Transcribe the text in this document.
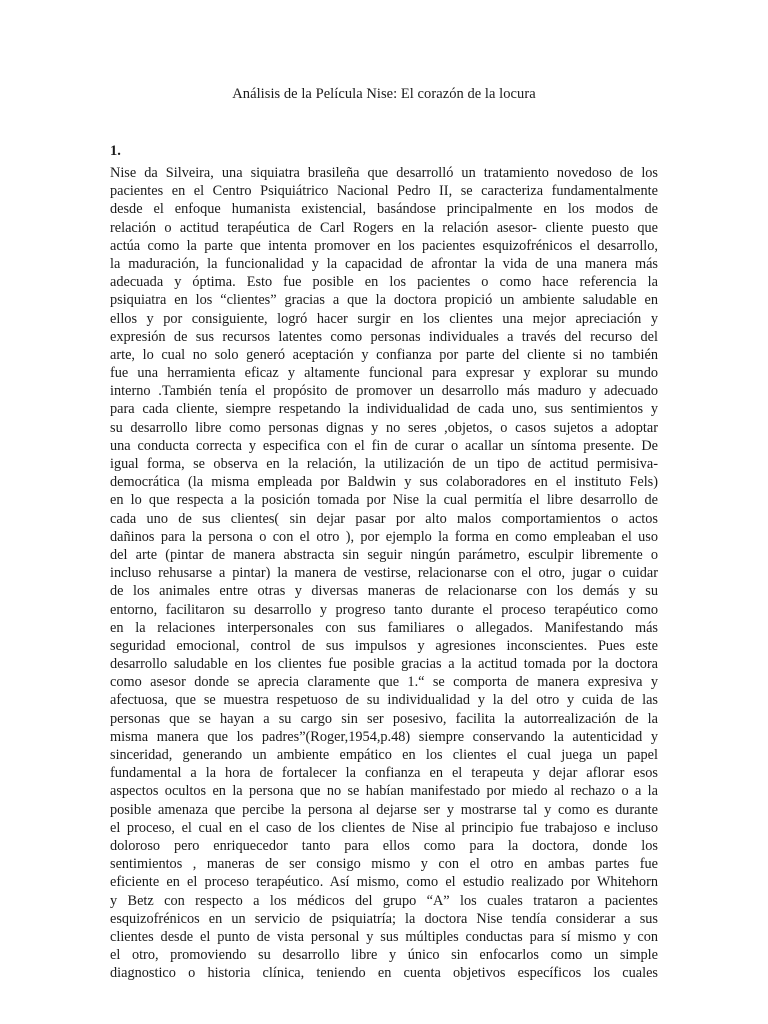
Análisis de la Película Nise: El corazón de la locura
1.
Nise da Silveira, una siquiatra brasileña que desarrolló un tratamiento novedoso de los
pacientes en el Centro Psiquiátrico Nacional Pedro II, se caracteriza fundamentalmente
desde el enfoque humanista existencial, basándose principalmente en los modos de
relación o actitud terapéutica de Carl Rogers en la relación asesor- cliente puesto que
actúa como la parte que intenta promover en los pacientes esquizofrénicos el desarrollo,
la maduración, la funcionalidad y la capacidad de afrontar la vida de una manera más
adecuada y óptima. Esto fue posible en los pacientes o como hace referencia la
psiquiatra en los “clientes” gracias a que la doctora propició un ambiente saludable en
ellos y por consiguiente, logró hacer surgir en los clientes una mejor apreciación y
expresión de sus recursos latentes como personas individuales a través del recurso del
arte, lo cual no solo generó aceptación y confianza por parte del cliente si no también
fue una herramienta eficaz y altamente funcional para expresar y explorar su mundo
interno .También tenía el propósito de promover un desarrollo más maduro y adecuado
para cada cliente, siempre respetando la individualidad de cada uno, sus sentimientos y
su desarrollo libre como personas dignas y no seres ,objetos, o casos sujetos a adoptar
una conducta correcta y especifica con el fin de curar o acallar un síntoma presente. De
igual forma, se observa en la relación, la utilización de un tipo de actitud permisiva-
democrática (la misma empleada por Baldwin y sus colaboradores en el instituto Fels)
en lo que respecta a la posición tomada por Nise la cual permitía el libre desarrollo de
cada uno de sus clientes( sin dejar pasar por alto malos comportamientos o actos
dañinos para la persona o con el otro ), por ejemplo la forma en como empleaban el uso
del arte (pintar de manera abstracta sin seguir ningún parámetro, esculpir libremente o
incluso rehusarse a pintar) la manera de vestirse, relacionarse con el otro, jugar o cuidar
de los animales entre otras y diversas maneras de relacionarse con los demás y su
entorno, facilitaron su desarrollo y progreso tanto durante el proceso terapéutico como
en la relaciones interpersonales con sus familiares o allegados. Manifestando más
seguridad emocional, control de sus impulsos y agresiones inconscientes. Pues este
desarrollo saludable en los clientes fue posible gracias a la actitud tomada por la doctora
como asesor donde se aprecia claramente que 1.“ se comporta de manera expresiva y
afectuosa, que se muestra respetuoso de su individualidad y la del otro y cuida de las
personas que se hayan a su cargo sin ser posesivo, facilita la autorrealización de la
misma manera que los padres”(Roger,1954,p.48) siempre conservando la autenticidad y
sinceridad, generando un ambiente empático en los clientes el cual juega un papel
fundamental a la hora de fortalecer la confianza en el terapeuta y dejar aflorar esos
aspectos ocultos en la persona que no se habían manifestado por miedo al rechazo o a la
posible amenaza que percibe la persona al dejarse ser y mostrarse tal y como es durante
el proceso, el cual en el caso de los clientes de Nise al principio fue trabajoso e incluso
doloroso pero enriquecedor tanto para ellos como para la doctora, donde los
sentimientos , maneras de ser consigo mismo y con el otro en ambas partes fue
eficiente en el proceso terapéutico. Así mismo, como el estudio realizado por Whitehorn
y Betz con respecto a los médicos del grupo “A” los cuales trataron a pacientes
esquizofrénicos en un servicio de psiquiatría; la doctora Nise tendía considerar a sus
clientes desde el punto de vista personal y sus múltiples conductas para sí mismo y con
el otro, promoviendo su desarrollo libre y único sin enfocarlos como un simple
diagnostico o historia clínica, teniendo en cuenta objetivos específicos los cuales
